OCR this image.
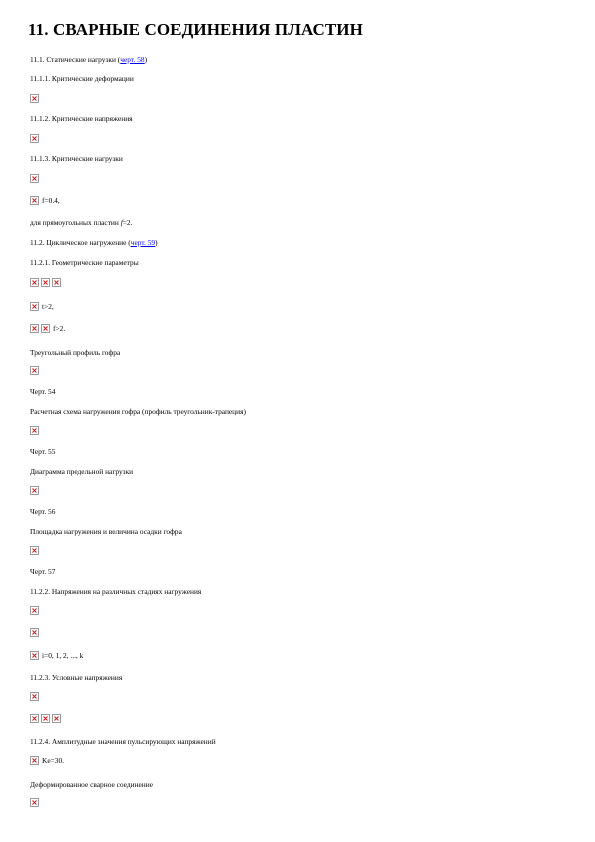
11. СВАРНЫЕ СОЕДИНЕНИЯ ПЛАСТИН
11.1. Статические нагрузки (черт. 58)
11.1.1. Критические деформации
11.1.2. Критические напряжения
11.1.3. Критические нагрузки
f=0.4,
для прямоугольных пластин f=2.
11.2. Циклическое нагружение (черт. 59)
11.2.1. Геометрические параметры
t>2,
f>2.
Треугольный профиль гофра
Черт. 54
Расчетная схема нагружения гофра (профиль треугольник-трапеция)
Черт. 55
Диаграмма предельной нагрузки
Черт. 56
Площадка нагружения и величина осадки гофра
Черт. 57
11.2.2. Напряжения на различных стадиях нагружения
i=0, 1, 2, ..., k
11.2.3. Условные напряжения
11.2.4. Амплитудные значения пульсирующих напряжений
Ke=30.
Деформированное сварное соединение
